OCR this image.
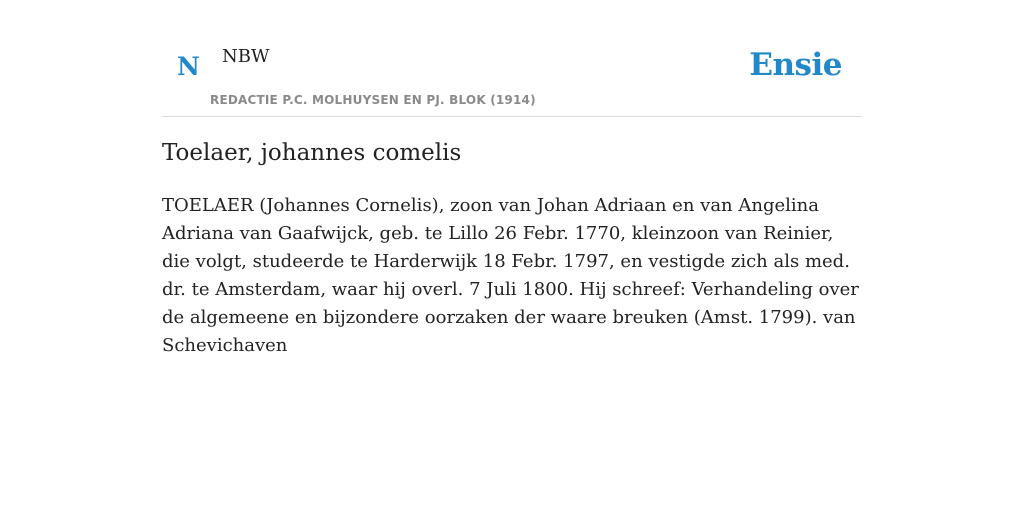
N NBW
REDACTIE P.C. MOLHUYSEN EN PJ. BLOK (1914)
Ensie
Toelaer, johannes comelis

TOELAER (Johannes Cornelis), zoon van Johan Adriaan en van Angelina Adriana van Gaafwijck, geb. te Lillo 26 Febr. 1770, kleinzoon van Reinier, die volgt, studeerde te Harderwijk 18 Febr. 1797, en vestigde zich als med. dr. te Amsterdam, waar hij overl. 7 Juli 1800. Hij schreef: Verhandeling over de algemeene en bijzondere oorzaken der waare breuken (Amst. 1799). van Schevichaven
